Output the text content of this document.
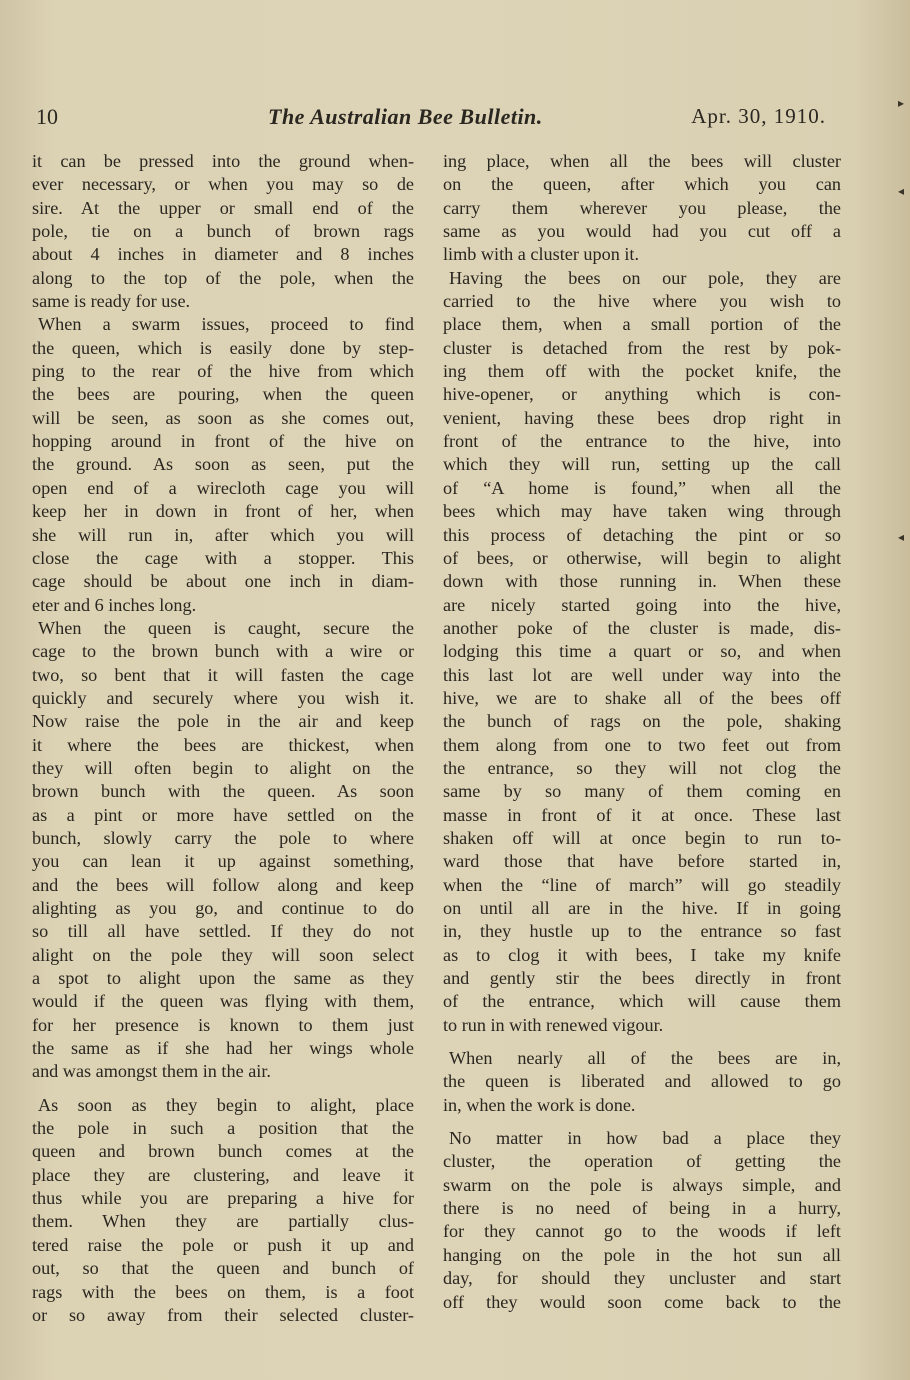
10	The Australian Bee Bulletin.	Apr. 30, 1910.
it can be pressed into the ground when-
ever necessary, or when you may so de
sire. At the upper or small end of the
pole, tie on a bunch of brown rags
about 4 inches in diameter and 8 inches
along to the top of the pole, when the
same is ready for use.
When a swarm issues, proceed to find
the queen, which is easily done by step-
ping to the rear of the hive from which
the bees are pouring, when the queen
will be seen, as soon as she comes out,
hopping around in front of the hive on
the ground. As soon as seen, put the
open end of a wirecloth cage you will
keep her in down in front of her, when
she will run in, after which you will
close the cage with a stopper. This
cage should be about one inch in diam-
eter and 6 inches long.
When the queen is caught, secure the
cage to the brown bunch with a wire or
two, so bent that it will fasten the cage
quickly and securely where you wish it.
Now raise the pole in the air and keep
it where the bees are thickest, when
they will often begin to alight on the
brown bunch with the queen. As soon
as a pint or more have settled on the
bunch, slowly carry the pole to where
you can lean it up against something,
and the bees will follow along and keep
alighting as you go, and continue to do
so till all have settled. If they do not
alight on the pole they will soon select
a spot to alight upon the same as they
would if the queen was flying with them,
for her presence is known to them just
the same as if she had her wings whole
and was amongst them in the air.
As soon as they begin to alight, place
the pole in such a position that the
queen and brown bunch comes at the
place they are clustering, and leave it
thus while you are preparing a hive for
them. When they are partially clus-
tered raise the pole or push it up and
out, so that the queen and bunch of
rags with the bees on them, is a foot
or so away from their selected cluster-
ing place, when all the bees will cluster
on the queen, after which you can
carry them wherever you please, the
same as you would had you cut off a
limb with a cluster upon it.
Having the bees on our pole, they are
carried to the hive where you wish to
place them, when a small portion of the
cluster is detached from the rest by pok-
ing them off with the pocket knife, the
hive-opener, or anything which is con-
venient, having these bees drop right in
front of the entrance to the hive, into
which they will run, setting up the call
of “A home is found,” when all the
bees which may have taken wing through
this process of detaching the pint or so
of bees, or otherwise, will begin to alight
down with those running in. When these
are nicely started going into the hive,
another poke of the cluster is made, dis-
lodging this time a quart or so, and when
this last lot are well under way into the
hive, we are to shake all of the bees off
the bunch of rags on the pole, shaking
them along from one to two feet out from
the entrance, so they will not clog the
same by so many of them coming en
masse in front of it at once. These last
shaken off will at once begin to run to-
ward those that have before started in,
when the “line of march” will go steadily
on until all are in the hive. If in going
in, they hustle up to the entrance so fast
as to clog it with bees, I take my knife
and gently stir the bees directly in front
of the entrance, which will cause them
to run in with renewed vigour.
When nearly all of the bees are in,
the queen is liberated and allowed to go
in, when the work is done.
No matter in how bad a place they
cluster, the operation of getting the
swarm on the pole is always simple, and
there is no need of being in a hurry,
for they cannot go to the woods if left
hanging on the pole in the hot sun all
day, for should they uncluster and start
off they would soon come back to the
▸
◂
◂
